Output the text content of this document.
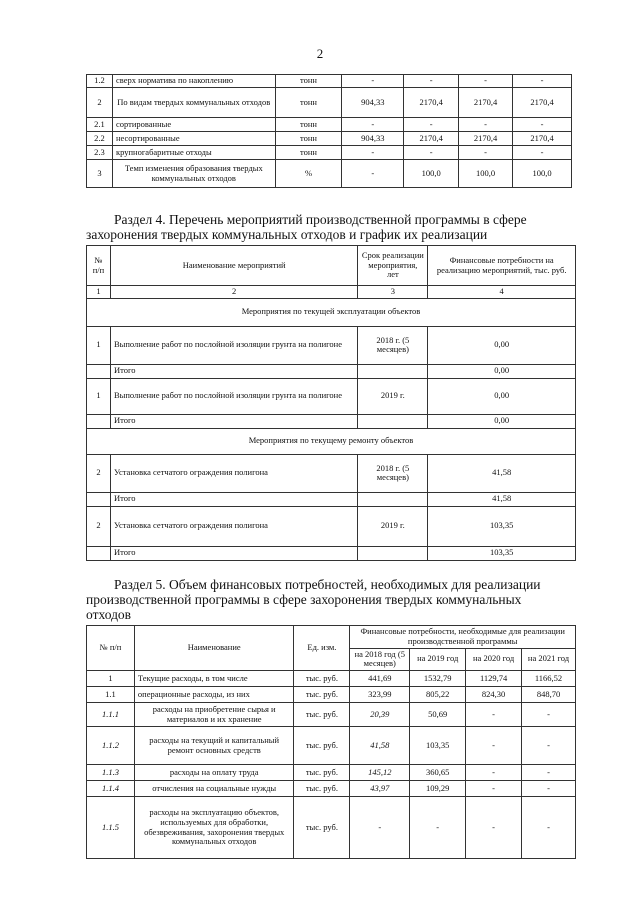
2
1.2	сверх норматива по накоплению	тонн	-	-	-	-
2	По видам твердых коммунальных отходов	тонн	904,33	2170,4	2170,4	2170,4
2.1	сортированные	тонн	-	-	-	-
2.2	несортированные	тонн	904,33	2170,4	2170,4	2170,4
2.3	крупногабаритные отходы	тонн	-	-	-	-
3	Темп изменения образования твердых коммунальных отходов	%	-	100,0	100,0	100,0
Раздел 4. Перечень мероприятий производственной программы в сфере
захоронения твердых коммунальных отходов и график их реализации
№ п/п	Наименование мероприятий	Срок реализации мероприятия, лет	Финансовые потребности на реализацию мероприятий, тыс. руб.
1	2	3	4
Мероприятия по текущей эксплуатации объектов			
1	Выполнение работ по послойной изоляции грунта на полигоне	2018 г. (5 месяцев)	0,00
	Итого		0,00
1	Выполнение работ по послойной изоляции грунта на полигоне	2019 г.	0,00
	Итого		0,00
Мероприятия по текущему ремонту объектов			
2	Установка сетчатого ограждения полигона	2018 г. (5 месяцев)	41,58
	Итого		41,58
2	Установка сетчатого ограждения полигона	2019 г.	103,35
	Итого		103,35
Раздел 5. Объем финансовых потребностей, необходимых для реализации
производственной программы в сфере захоронения твердых коммунальных
отходов
№ п/п	Наименование	Ед. изм.	Финансовые потребности, необходимые для реализации производственной программы			
			на 2018 год (5 месяцев)	на 2019 год	на 2020 год	на 2021 год
1	Текущие расходы, в том числе	тыс. руб.	441,69	1532,79	1129,74	1166,52
1.1	операционные расходы, из них	тыс. руб.	323,99	805,22	824,30	848,70
1.1.1	расходы на приобретение сырья и материалов и их хранение	тыс. руб.	20,39	50,69	-	-
1.1.2	расходы на текущий и капитальный ремонт основных средств	тыс. руб.	41,58	103,35	-	-
1.1.3	расходы на оплату труда	тыс. руб.	145,12	360,65	-	-
1.1.4	отчисления на социальные нужды	тыс. руб.	43,97	109,29	-	-
1.1.5	расходы на эксплуатацию объектов, используемых для обработки, обезвреживания, захоронения твердых коммунальных отходов	тыс. руб.	-	-	-	-
